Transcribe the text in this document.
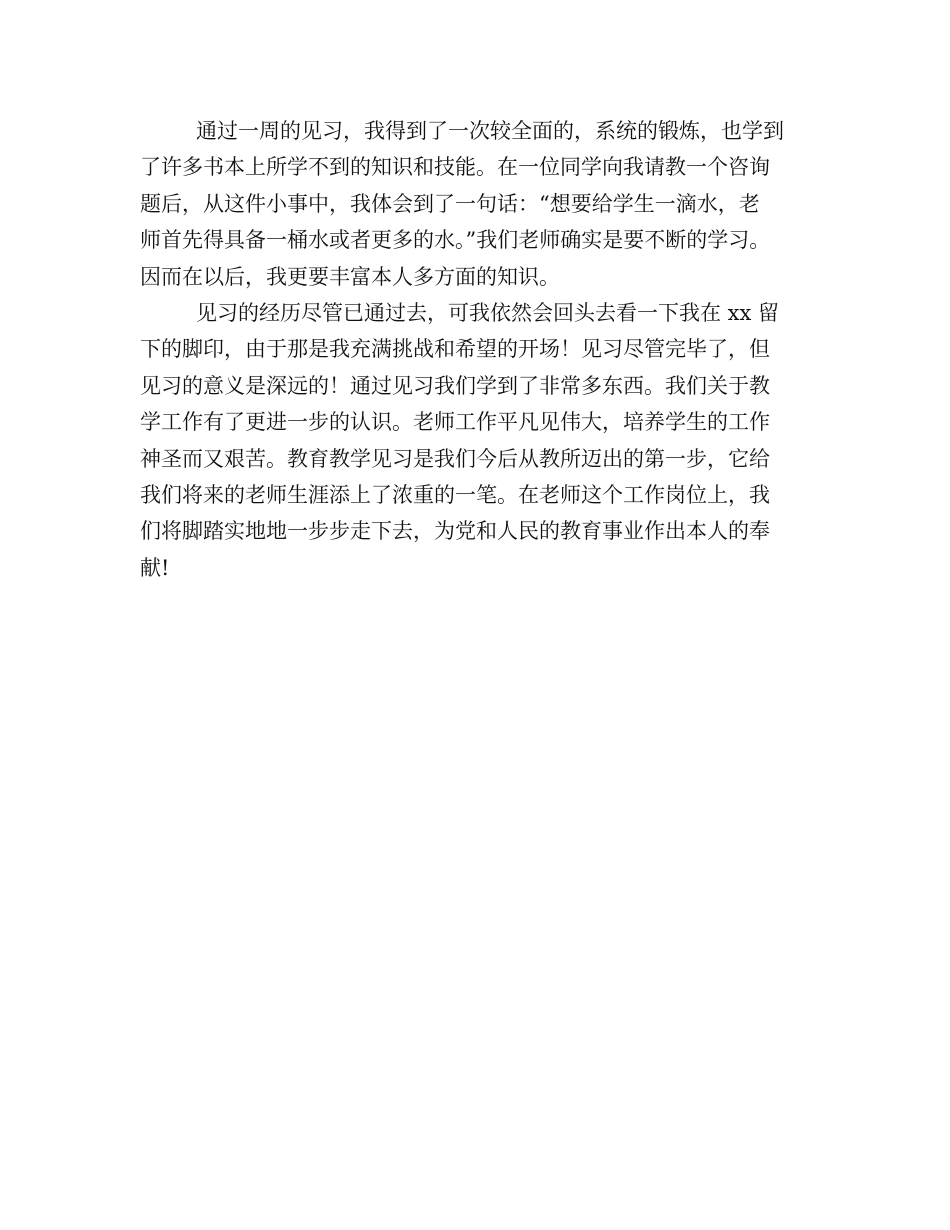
通过一周的见习，我得到了一次较全面的，系统的锻炼，也学到
了许多书本上所学不到的知识和技能。在一位同学向我请教一个咨询
题后，从这件小事中，我体会到了一句话：“想要给学生一滴水，老
师首先得具备一桶水或者更多的水。”我们老师确实是要不断的学习。
因而在以后，我更要丰富本人多方面的知识。
见习的经历尽管已通过去，可我依然会回头去看一下我在 xx 留
下的脚印，由于那是我充满挑战和希望的开场！见习尽管完毕了，但
见习的意义是深远的！通过见习我们学到了非常多东西。我们关于教
学工作有了更进一步的认识。老师工作平凡见伟大，培养学生的工作
神圣而又艰苦。教育教学见习是我们今后从教所迈出的第一步，它给
我们将来的老师生涯添上了浓重的一笔。在老师这个工作岗位上，我
们将脚踏实地地一步步走下去，为党和人民的教育事业作出本人的奉
献!
